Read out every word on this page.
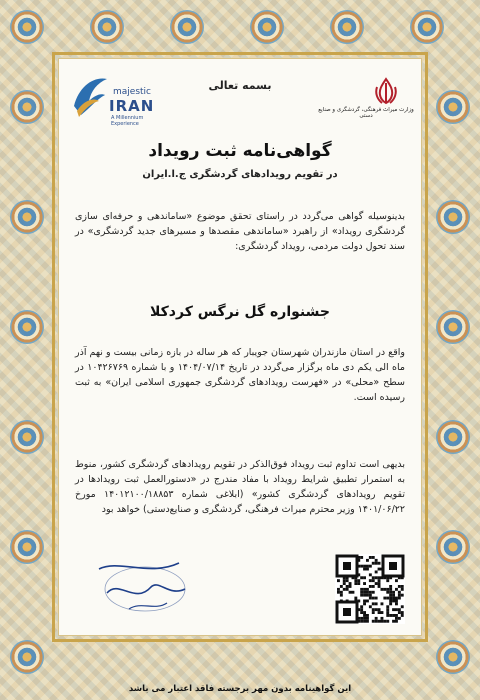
majestic
IRAN
A Millennium Experience
بسمه تعالی
وزارت میراث فرهنگی، گردشگری و صنایع دستی
گواهی‌نامه ثبت رویداد
در تقویم رویدادهای گردشگری ج.ا.ایران
بدینوسیله گواهی می‌گردد در راستای تحقق موضوع «ساماندهی و حرفه‌ای سازی گردشگری رویداد» از راهبرد «ساماندهی مقصدها و مسیرهای جدید گردشگری» در سند تحول دولت مردمی، رویداد گردشگری:
جشنواره گل نرگس کردکلا
واقع در استان مازندران شهرستان جویبار که هر ساله در بازه زمانی بیست و نهم آذر ماه الی یکم دی ماه برگزار می‌گردد در تاریخ ۱۴۰۴/۰۷/۱۴ و با شماره ۱۰۴۲۶۷۶۹ در سطح «محلی» در «فهرست رویدادهای گردشگری جمهوری اسلامی ایران» به ثبت رسیده است.
بدیهی است تداوم ثبت رویداد فوق‌الذکر در تقویم رویدادهای گردشگری کشور، منوط به استمرار تطبیق شرایط رویداد با مفاد مندرج در «دستورالعمل ثبت رویدادها در تقویم رویدادهای گردشگری کشور» (ابلاغی شماره ۱۴۰۱۲۱۰۰/۱۸۸۵۳ مورخ ۱۴۰۱/۰۶/۲۲ وزیر محترم میراث فرهنگی، گردشگری و صنایع‌دستی) خواهد بود
این گواهینامه بدون مهر برجسته فاقد اعتبار می باشد
